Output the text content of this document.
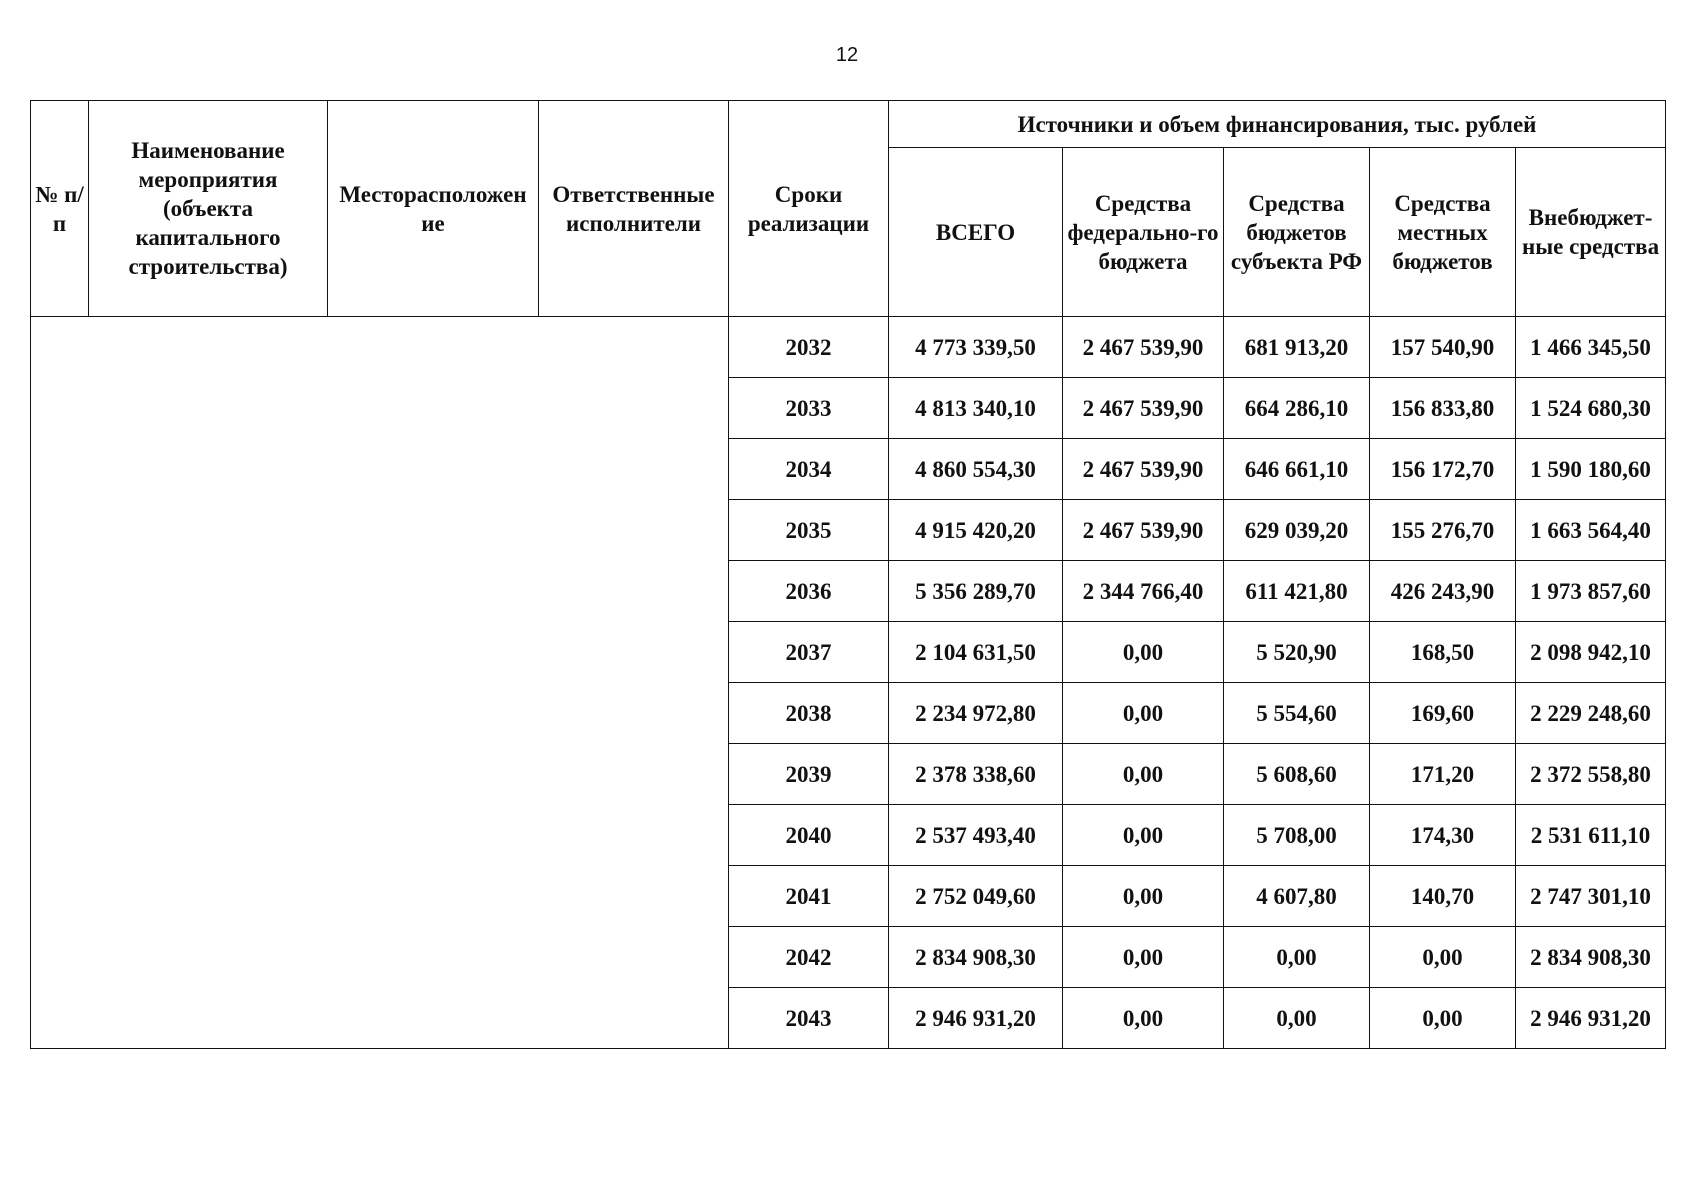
12
№ п/п	Наименование мероприятия (объекта капитального строительства)	Месторасположен ие	Ответственные исполнители	Сроки реализации	Источники и объем финансирования, тыс. рублей				
					ВСЕГО	Средства федерально-го бюджета	Средства бюджетов субъекта РФ	Средства местных бюджетов	Внебюджет-ные средства
				2032	4 773 339,50	2 467 539,90	681 913,20	157 540,90	1 466 345,50
				2033	4 813 340,10	2 467 539,90	664 286,10	156 833,80	1 524 680,30
				2034	4 860 554,30	2 467 539,90	646 661,10	156 172,70	1 590 180,60
				2035	4 915 420,20	2 467 539,90	629 039,20	155 276,70	1 663 564,40
				2036	5 356 289,70	2 344 766,40	611 421,80	426 243,90	1 973 857,60
				2037	2 104 631,50	0,00	5 520,90	168,50	2 098 942,10
				2038	2 234 972,80	0,00	5 554,60	169,60	2 229 248,60
				2039	2 378 338,60	0,00	5 608,60	171,20	2 372 558,80
				2040	2 537 493,40	0,00	5 708,00	174,30	2 531 611,10
				2041	2 752 049,60	0,00	4 607,80	140,70	2 747 301,10
				2042	2 834 908,30	0,00	0,00	0,00	2 834 908,30
				2043	2 946 931,20	0,00	0,00	0,00	2 946 931,20
